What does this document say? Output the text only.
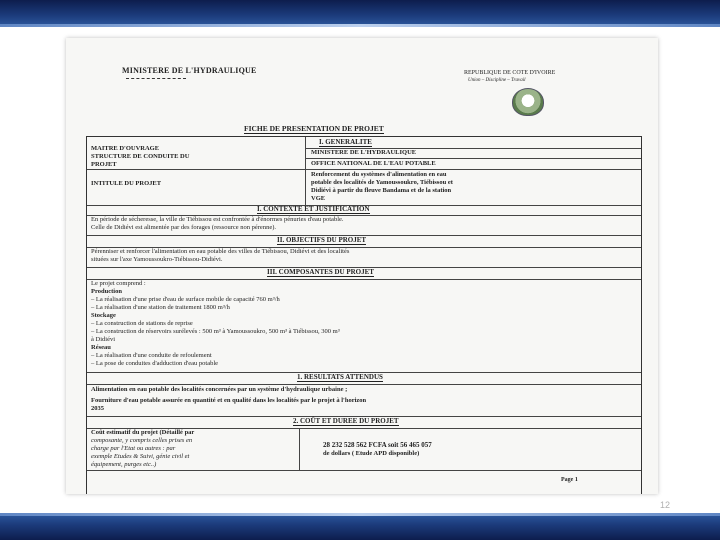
MINISTERE DE L'HYDRAULIQUE	REPUBLIQUE DE COTE D'IVOIRE
Union – Discipline – Travail
FICHE DE PRESENTATION DE PROJET
I. GENERALITE
MAITRE D'OUVRAGE
MINISTERE DE L'HYDRAULIQUE
STRUCTURE DE CONDUITE DU
PROJET	OFFICE NATIONAL DE L'EAU POTABLE
INTITULE DU PROJET
Renforcement du systèmes d'alimentation en eau
potable des localités de Yamoussoukro, Tiébissou et
Didiévi à partir du fleuve Bandama et de la station
VGE
I. CONTEXTE ET JUSTIFICATION
En période de sécheresse, la ville de Tiébissou est confrontée à d'énormes pénuries d'eau potable.
Celle de Didiévi est alimentée par des forages (ressource non pérenne).
II. OBJECTIFS DU PROJET
Pérenniser et renforcer l'alimentation en eau potable des villes de Tiébissou, Didiévi et des localités
situées sur l'axe Yamoussoukro-Tiébissou-Didiévi.
III. COMPOSANTES DU PROJET
Le projet comprend :
Production
– La réalisation d'une prise d'eau de surface mobile de capacité 760 m³/h
– La réalisation d'une station de traitement 1800 m³/h
Stockage
– La construction de stations de reprise
– La construction de réservoirs surélevés : 500 m³ à Yamoussoukro, 500 m³ à Tiébissou, 300 m³
à Didiévi
Réseau
– La réalisation d'une conduite de refoulement
– La pose de conduites d'adduction d'eau potable
1. RESULTATS ATTENDUS
Alimentation en eau potable des localités concernées par un système d'hydraulique urbaine ;
Fourniture d'eau potable assurée en quantité et en qualité dans les localités par le projet à l'horizon
2035
2. COÛT ET DUREE DU PROJET
Coût estimatif du projet (Détaillé par
composante, y compris celles prises en
charge par l'Etat ou autres : par
exemple Etudes & Suivi, génie civil et
équipement, purges etc..)
28 232 528 562 FCFA soit 56 465 057
de dollars ( Etude APD disponible)
Page 1
12
